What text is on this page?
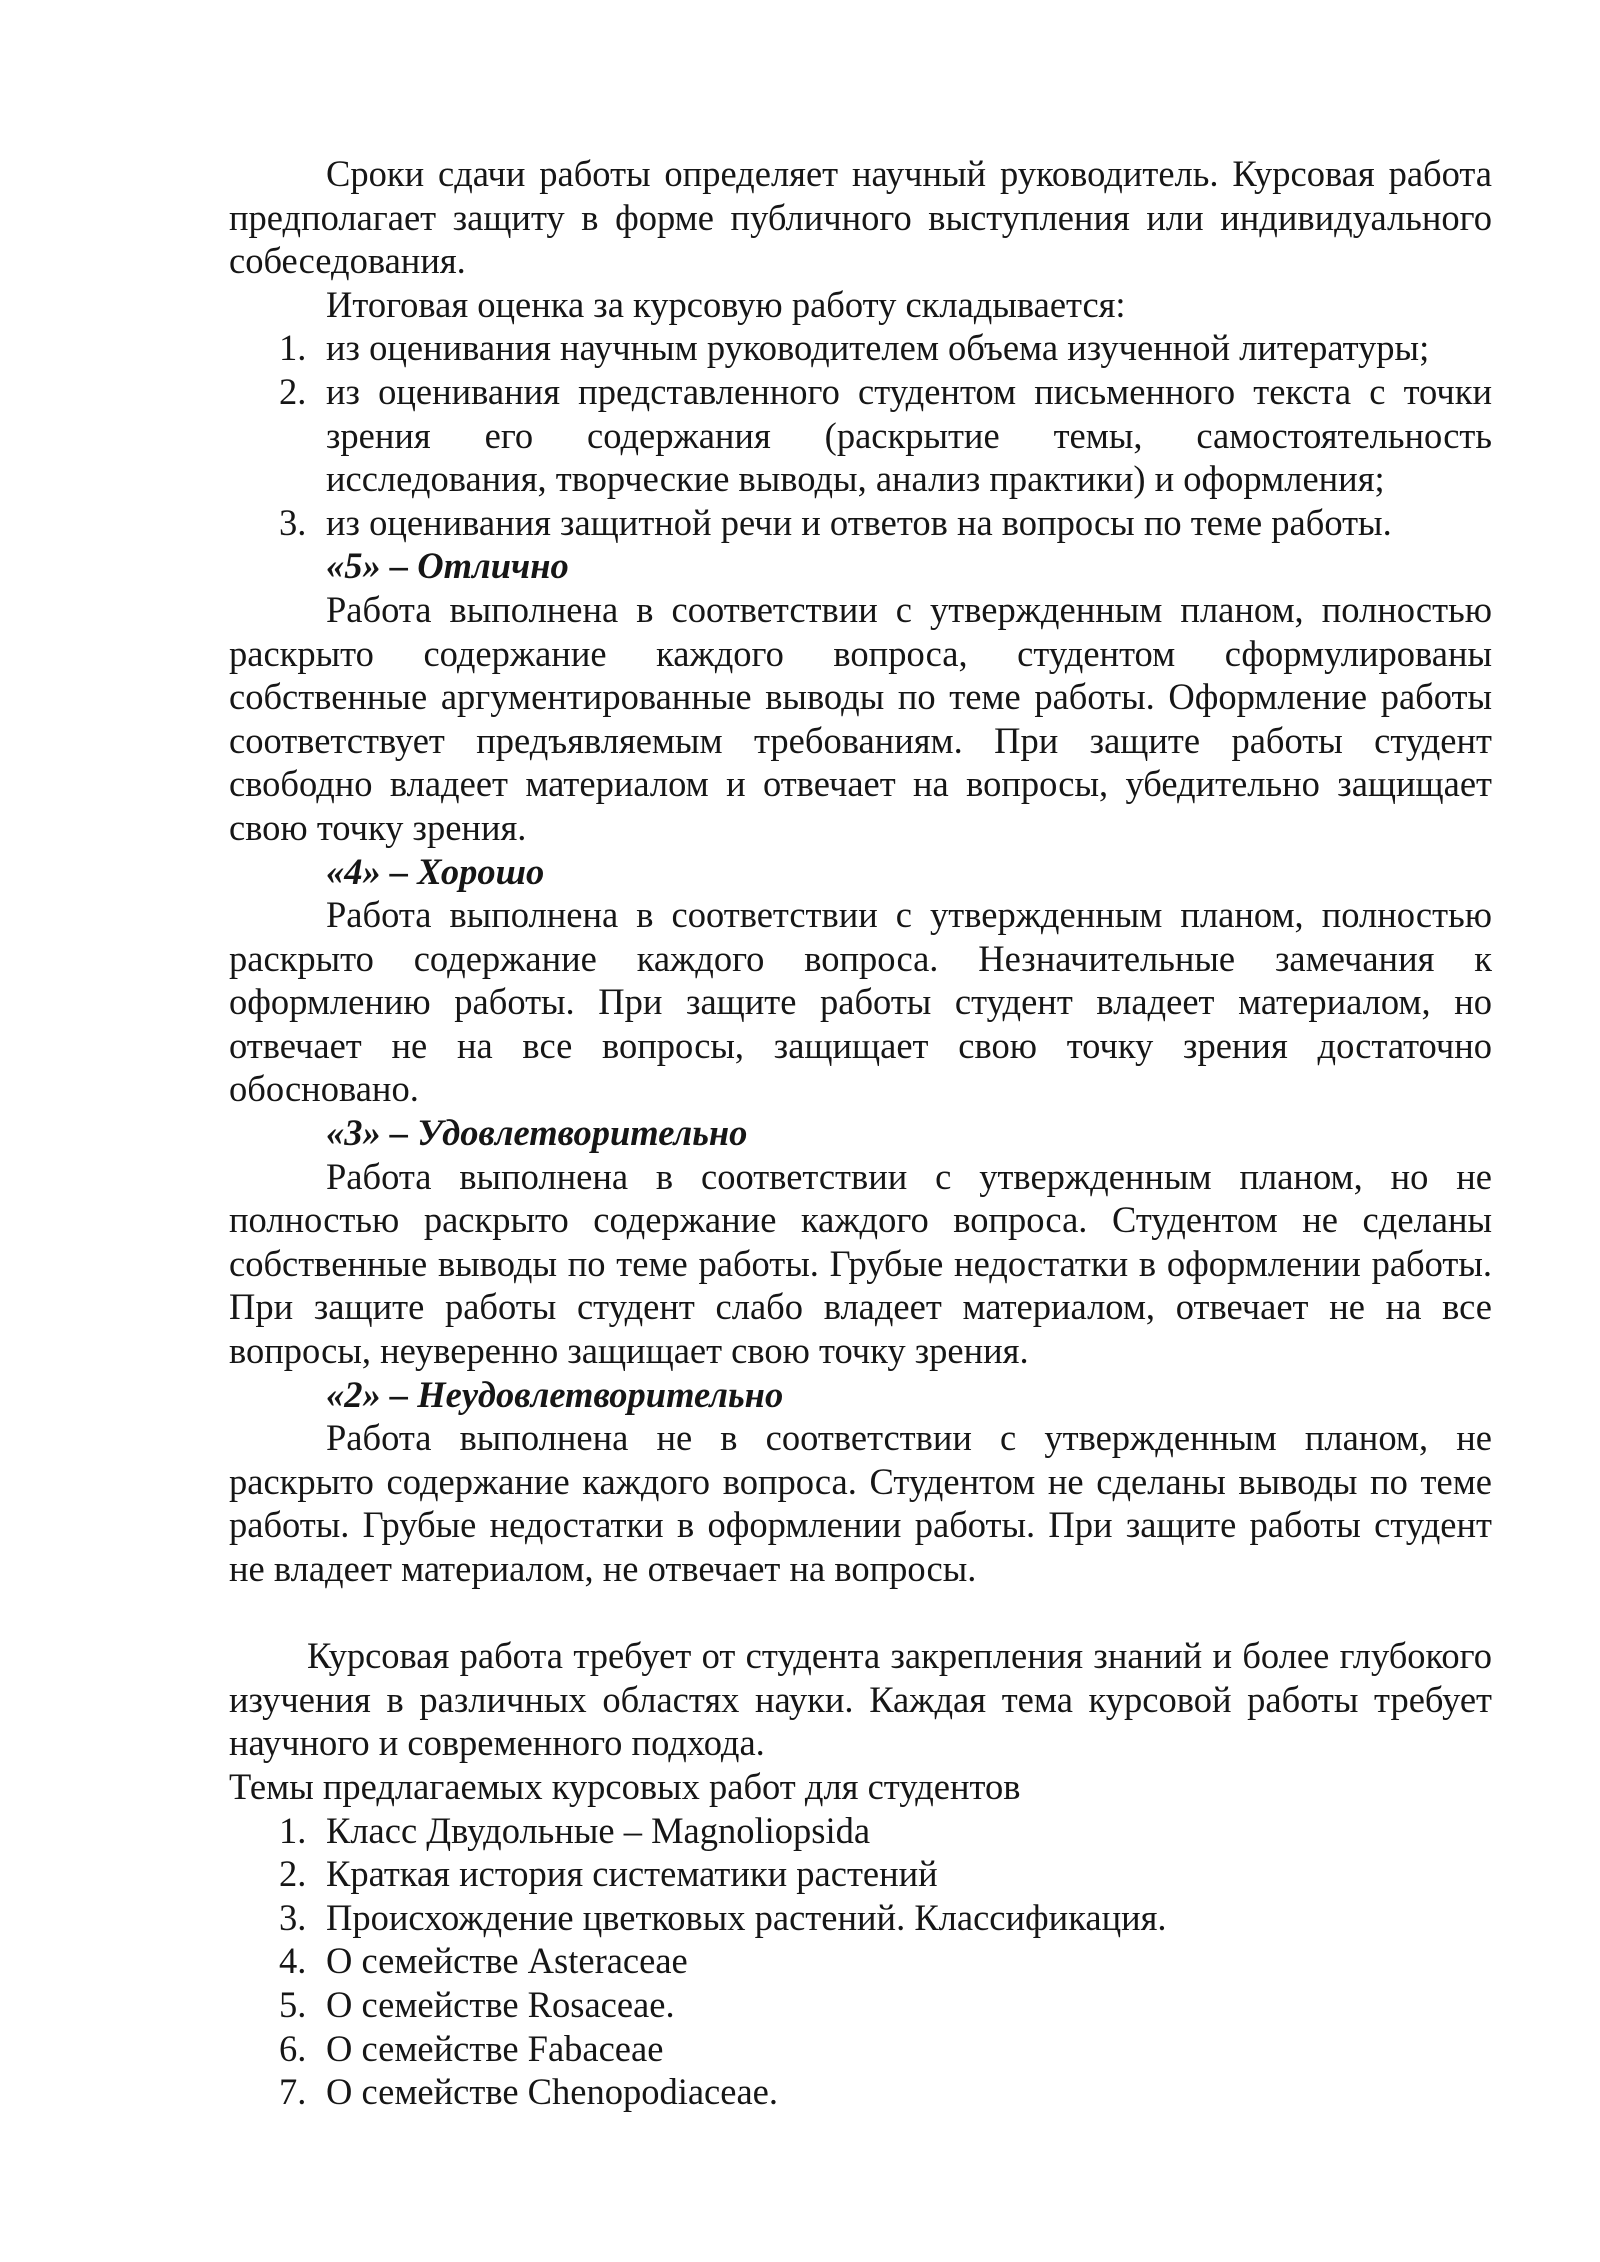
Сроки сдачи работы определяет научный руководитель. Курсовая работа предполагает защиту в форме публичного выступления или индивидуального собеседования.

Итоговая оценка за курсовую работу складывается:

1. из оценивания научным руководителем объема изученной литературы;
2. из оценивания представленного студентом письменного текста с точки зрения его содержания (раскрытие темы, самостоятельность исследования, творческие выводы, анализ практики) и оформления;
3. из оценивания защитной речи и ответов на вопросы по теме работы.

«5» – Отлично

Работа выполнена в соответствии с утвержденным планом, полностью раскрыто содержание каждого вопроса, студентом сформулированы собственные аргументированные выводы по теме работы. Оформление работы соответствует предъявляемым требованиям. При защите работы студент свободно владеет материалом и отвечает на вопросы, убедительно защищает свою точку зрения.

«4» – Хорошо

Работа выполнена в соответствии с утвержденным планом, полностью раскрыто содержание каждого вопроса. Незначительные замечания к оформлению работы. При защите работы студент владеет материалом, но отвечает не на все вопросы, защищает свою точку зрения достаточно обосновано.

«3» – Удовлетворительно

Работа выполнена в соответствии с утвержденным планом, но не полностью раскрыто содержание каждого вопроса. Студентом не сделаны собственные выводы по теме работы. Грубые недостатки в оформлении работы. При защите работы студент слабо владеет материалом, отвечает не на все вопросы, неуверенно защищает свою точку зрения.

«2» – Неудовлетворительно

Работа выполнена не в соответствии с утвержденным планом, не раскрыто содержание каждого вопроса. Студентом не сделаны выводы по теме работы. Грубые недостатки в оформлении работы. При защите работы студент не владеет материалом, не отвечает на вопросы.

Курсовая работа требует от студента закрепления знаний и более глубокого изучения в различных областях науки. Каждая тема курсовой работы требует научного и современного подхода.

Темы предлагаемых курсовых работ для студентов

1. Класс Двудольные – Magnoliopsida
2. Краткая история систематики растений
3. Происхождение цветковых растений. Классификация.
4. О семействе Asteraceae
5. О семействе Rosaceae.
6. О семействе Fabaceae
7. О семействе Chenopodiaceae.
